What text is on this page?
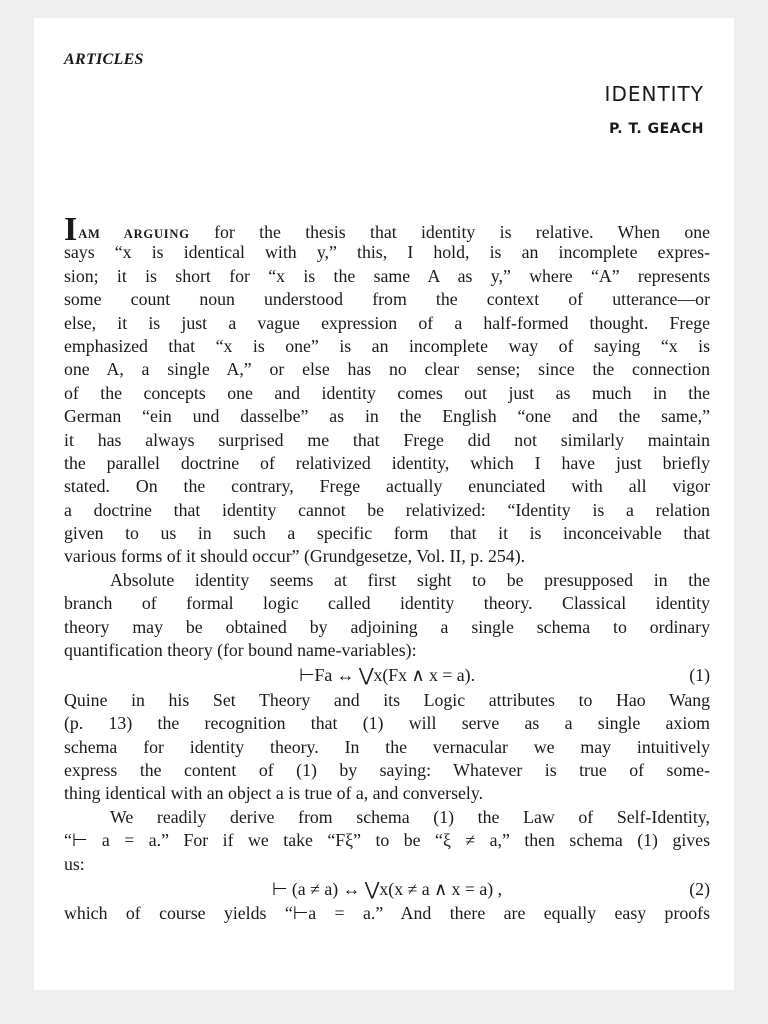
ARTICLES
IDENTITY
P. T. GEACH
IAM ARGUING for the thesis that identity is relative. When one
says “x is identical with y,” this, I hold, is an incomplete expres-
sion; it is short for “x is the same A as y,” where “A” represents
some count noun understood from the context of utterance—or
else, it is just a vague expression of a half-formed thought. Frege
emphasized that “x is one” is an incomplete way of saying “x is
one A, a single A,” or else has no clear sense; since the connection
of the concepts one and identity comes out just as much in the
German “ein und dasselbe” as in the English “one and the same,”
it has always surprised me that Frege did not similarly maintain
the parallel doctrine of relativized identity, which I have just briefly
stated. On the contrary, Frege actually enunciated with all vigor
a doctrine that identity cannot be relativized: “Identity is a relation
given to us in such a specific form that it is inconceivable that
various forms of it should occur” (Grundgesetze, Vol. II, p. 254).
Absolute identity seems at first sight to be presupposed in the
branch of formal logic called identity theory. Classical identity
theory may be obtained by adjoining a single schema to ordinary
quantification theory (for bound name-variables):
⊢Fa ↔ ⋁x(Fx ∧ x = a).	(1)
Quine in his Set Theory and its Logic attributes to Hao Wang
(p. 13) the recognition that (1) will serve as a single axiom
schema for identity theory. In the vernacular we may intuitively
express the content of (1) by saying: Whatever is true of some-
thing identical with an object a is true of a, and conversely.
We readily derive from schema (1) the Law of Self-Identity,
“⊢ a = a.” For if we take “Fξ” to be “ξ ≠ a,” then schema (1) gives
us:
⊢ (a ≠ a) ↔ ⋁x(x ≠ a ∧ x = a) ,	(2)
which of course yields “⊢a = a.” And there are equally easy proofs
